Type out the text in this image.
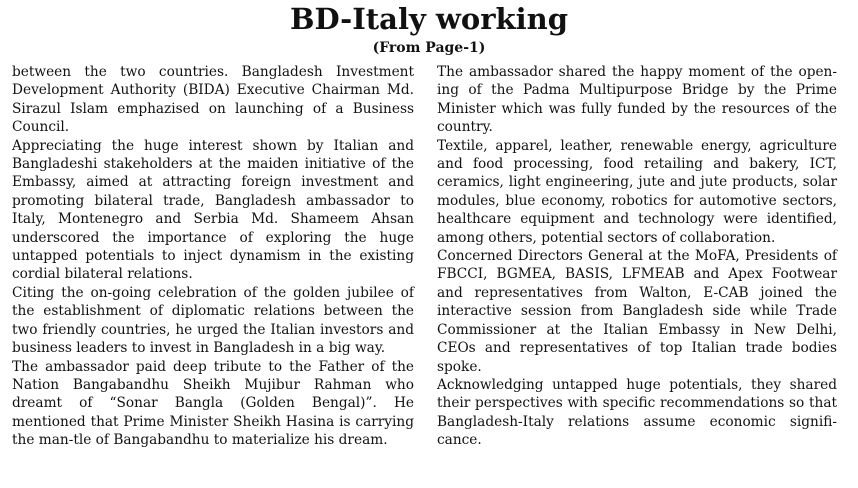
BD-Italy working
(From Page-1)

between the two countries. Bangladesh Investment Development Authority (BIDA) Executive Chairman Md. Sirazul Islam emphazised on launching of a Business Council.

Appreciating the huge interest shown by Italian and Bangladeshi stakeholders at the maiden initiative of the Embassy, aimed at attracting foreign investment and promoting bilateral trade, Bangladesh ambassador to Italy, Montenegro and Serbia Md. Shameem Ahsan underscored the importance of exploring the huge untapped potentials to inject dynamism in the existing cordial bilateral relations.

Citing the on-going celebration of the golden jubilee of the establishment of diplomatic relations between the two friendly countries, he urged the Italian investors and business leaders to invest in Bangladesh in a big way.

The ambassador paid deep tribute to the Father of the Nation Bangabandhu Sheikh Mujibur Rahman who dreamt of “Sonar Bangla (Golden Bengal)”. He mentioned that Prime Minister Sheikh Hasina is carrying the man-tle of Bangabandhu to materialize his dream.

The ambassador shared the happy moment of the open-ing of the Padma Multipurpose Bridge by the Prime Minister which was fully funded by the resources of the country.

Textile, apparel, leather, renewable energy, agriculture and food processing, food retailing and bakery, ICT, ceramics, light engineering, jute and jute products, solar modules, blue economy, robotics for automotive sectors, healthcare equipment and technology were identified, among others, potential sectors of collaboration.

Concerned Directors General at the MoFA, Presidents of FBCCI, BGMEA, BASIS, LFMEAB and Apex Footwear and representatives from Walton, E-CAB joined the interactive session from Bangladesh side while Trade Commissioner at the Italian Embassy in New Delhi, CEOs and representatives of top Italian trade bodies spoke.

Acknowledging untapped huge potentials, they shared their perspectives with specific recommendations so that Bangladesh-Italy relations assume economic signifi-cance.
